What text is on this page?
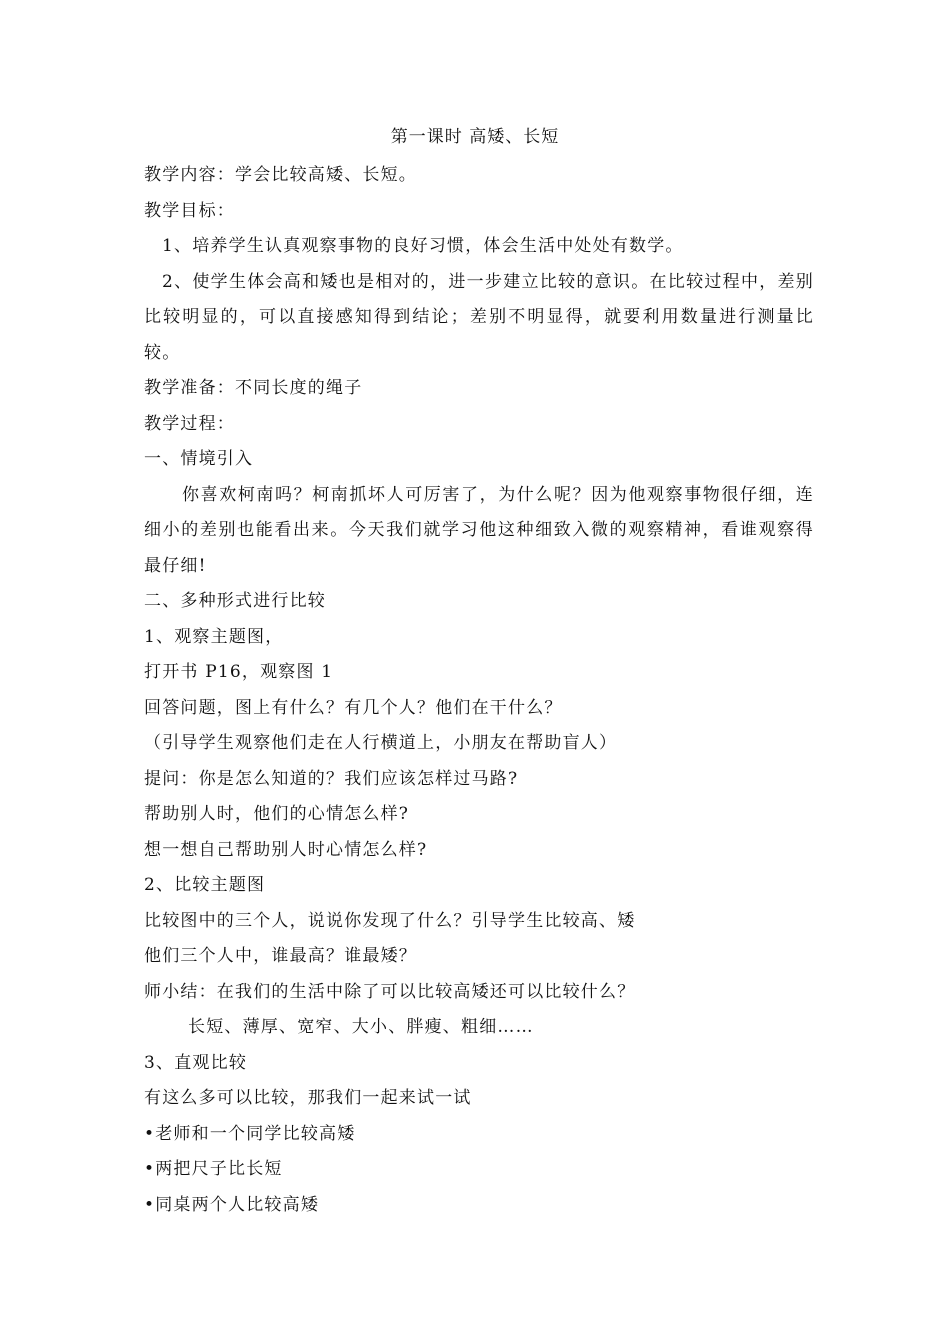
第一课时 高矮、长短

教学内容：学会比较高矮、长短。

教学目标：

1、培养学生认真观察事物的良好习惯，体会生活中处处有数学。

2、使学生体会高和矮也是相对的，进一步建立比较的意识。在比较过程中，差别比较明显的，可以直接感知得到结论；差别不明显得，就要利用数量进行测量比较。

教学准备：不同长度的绳子

教学过程：

一、情境引入

你喜欢柯南吗？柯南抓坏人可厉害了，为什么呢？因为他观察事物很仔细，连细小的差别也能看出来。今天我们就学习他这种细致入微的观察精神，看谁观察得最仔细!

二、多种形式进行比较

1、观察主题图，

打开书 P16，观察图 1

回答问题，图上有什么？有几个人？他们在干什么？

（引导学生观察他们走在人行横道上，小朋友在帮助盲人）

提问：你是怎么知道的？我们应该怎样过马路?

帮助别人时，他们的心情怎么样?

想一想自己帮助别人时心情怎么样?

2、比较主题图

比较图中的三个人，说说你发现了什么？引导学生比较高、矮

他们三个人中，谁最高？谁最矮？

师小结：在我们的生活中除了可以比较高矮还可以比较什么？

长短、薄厚、宽窄、大小、胖瘦、粗细……

3、直观比较

有这么多可以比较，那我们一起来试一试

•老师和一个同学比较高矮

•两把尺子比长短

•同桌两个人比较高矮
